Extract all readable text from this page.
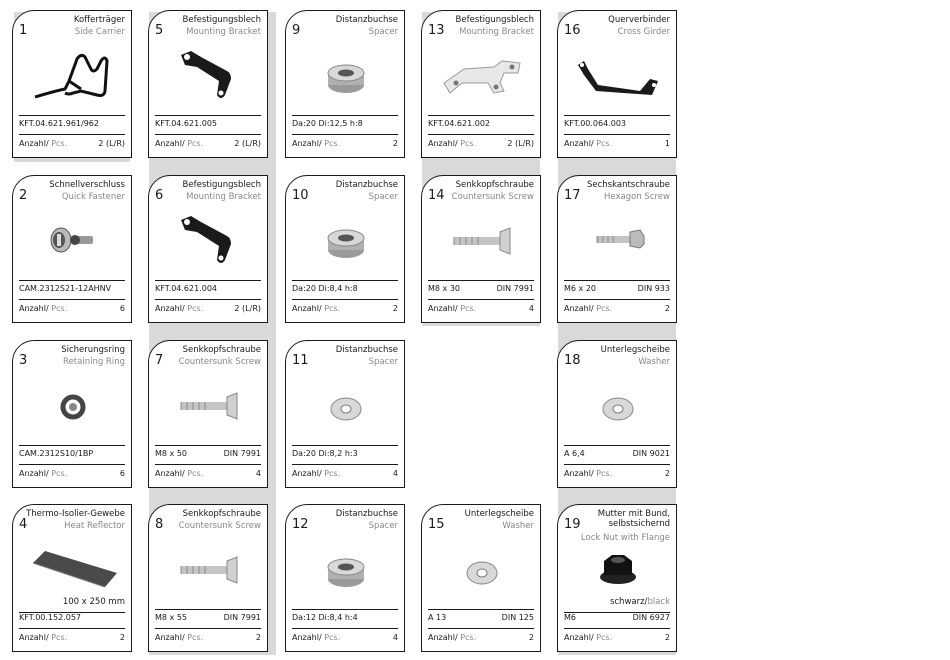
1
Kofferträger
Side Carrier
KFT.04.621.961/962
Anzahl/ Pcs.	2 (L/R)
5
Befestigungsblech
Mounting Bracket
KFT.04.621.005
Anzahl/ Pcs.	2 (L/R)
9
Distanzbuchse
Spacer
Da:20 Di:12,5 h:8
Anzahl/ Pcs.	2
13
Befestigungsblech
Mounting Bracket
KFT.04.621.002
Anzahl/ Pcs.	2 (L/R)
16
Querverbinder
Cross Girder
KFT.00.064.003
Anzahl/ Pcs.	1
2
Schnellverschluss
Quick Fastener
CAM.2312S21-12AHNV
Anzahl/ Pcs.	6
6
Befestigungsblech
Mounting Bracket
KFT.04.621.004
Anzahl/ Pcs.	2 (L/R)
10
Distanzbuchse
Spacer
Da:20 Di:8,4 h:8
Anzahl/ Pcs.	2
14
Senkkopfschraube
Countersunk Screw
M8 x 30	DIN 7991
Anzahl/ Pcs.	4
17
Sechskantschraube
Hexagon Screw
M6 x 20	DIN 933
Anzahl/ Pcs.	2
3
Sicherungsring
Retaining Ring
CAM.2312S10/1BP
Anzahl/ Pcs.	6
7
Senkkopfschraube
Countersunk Screw
M8 x 50	DIN 7991
Anzahl/ Pcs.	4
11
Distanzbuchse
Spacer
Da:20 Di:8,2 h:3
Anzahl/ Pcs.	4
18
Unterlegscheibe
Washer
A 6,4	DIN 9021
Anzahl/ Pcs.	2
4
Thermo-Isolier-Gewebe
Heat Reflector
100 x 250 mm
KFT.00.152.057
Anzahl/ Pcs.	2
8
Senkkopfschraube
Countersunk Screw
M8 x 55	DIN 7991
Anzahl/ Pcs.	2
12
Distanzbuchse
Spacer
Da:12 Di:8,4 h:4
Anzahl/ Pcs.	4
15
Unterlegscheibe
Washer
A 13	DIN 125
Anzahl/ Pcs.	2
19
Mutter mit Bund,
selbstsichernd
Lock Nut with Flange
schwarz/black
M6	DIN 6927
Anzahl/ Pcs.	2
